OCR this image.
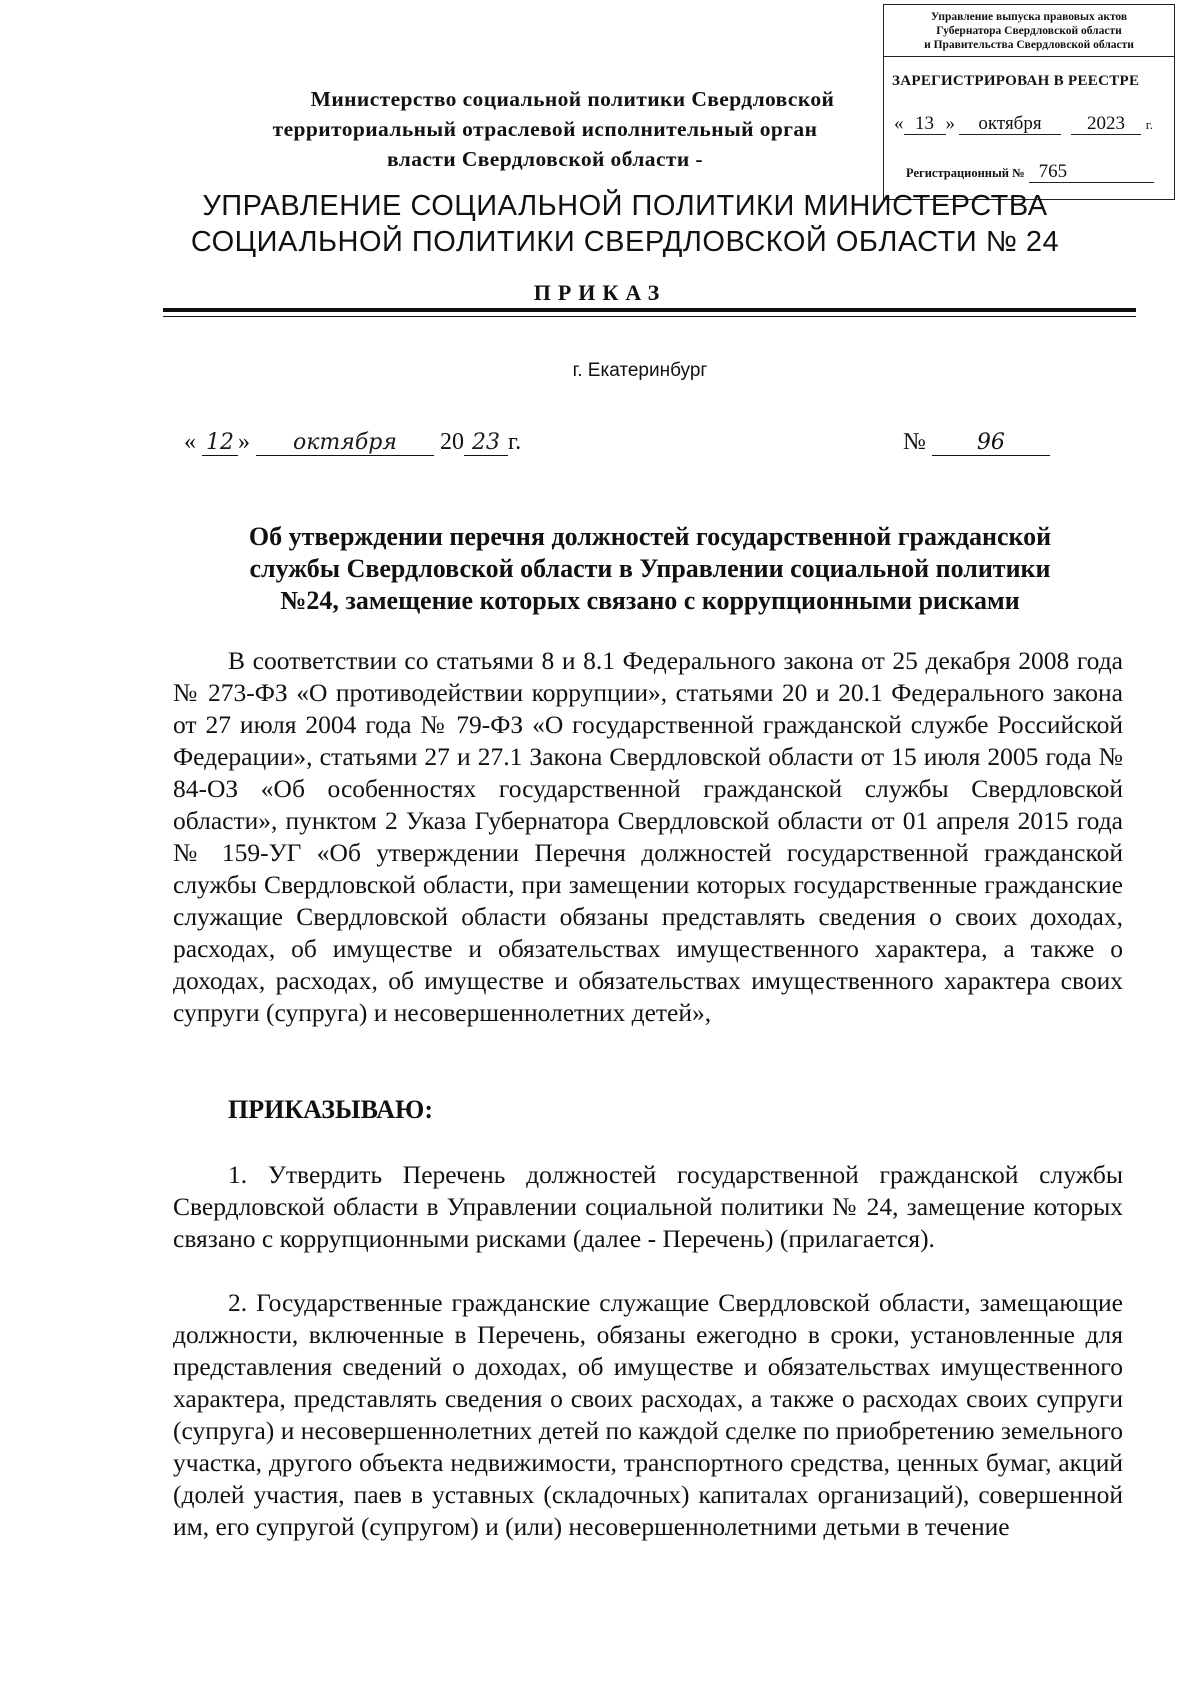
Управление выпуска правовых актов
Губернатора Свердловской области
и Правительства Свердловской области
ЗАРЕГИСТРИРОВАН В РЕЕСТРЕ
« 13 » октября 2023 г.
Регистрационный № 765
Министерство социальной политики Свердловской
территориальный отраслевой исполнительный орган
власти Свердловской области -
УПРАВЛЕНИЕ СОЦИАЛЬНОЙ ПОЛИТИКИ МИНИСТЕРСТВА
СОЦИАЛЬНОЙ ПОЛИТИКИ СВЕРДЛОВСКОЙ ОБЛАСТИ № 24
ПРИКАЗ
г. Екатеринбург
« 12 » октября 20 23 г.	№ 96
Об утверждении перечня должностей государственной гражданской
службы Свердловской области в Управлении социальной политики
№24, замещение которых связано с коррупционными рисками
В соответствии со статьями 8 и 8.1 Федерального закона от 25 декабря 2008 года № 273-ФЗ «О противодействии коррупции», статьями 20 и 20.1 Федерального закона от 27 июля 2004 года № 79-ФЗ «О государственной гражданской службе Российской Федерации», статьями 27 и 27.1 Закона Свердловской области от 15 июля 2005 года № 84-ОЗ «Об особенностях государственной гражданской службы Свердловской области», пунктом 2 Указа Губернатора Свердловской области от 01 апреля 2015 года № 159-УГ «Об утверждении Перечня должностей государственной гражданской службы Свердловской области, при замещении которых государственные гражданские служащие Свердловской области обязаны представлять сведения о своих доходах, расходах, об имуществе и обязательствах имущественного характера, а также о доходах, расходах, об имуществе и обязательствах имущественного характера своих супруги (супруга) и несовершеннолетних детей»,
ПРИКАЗЫВАЮ:
1. Утвердить Перечень должностей государственной гражданской службы Свердловской области в Управлении социальной политики № 24, замещение которых связано с коррупционными рисками (далее - Перечень) (прилагается).
2. Государственные гражданские служащие Свердловской области, замещающие должности, включенные в Перечень, обязаны ежегодно в сроки, установленные для представления сведений о доходах, об имуществе и обязательствах имущественного характера, представлять сведения о своих расходах, а также о расходах своих супруги (супруга) и несовершеннолетних детей по каждой сделке по приобретению земельного участка, другого объекта недвижимости, транспортного средства, ценных бумаг, акций (долей участия, паев в уставных (складочных) капиталах организаций), совершенной им, его супругой (супругом) и (или) несовершеннолетними детьми в течение
